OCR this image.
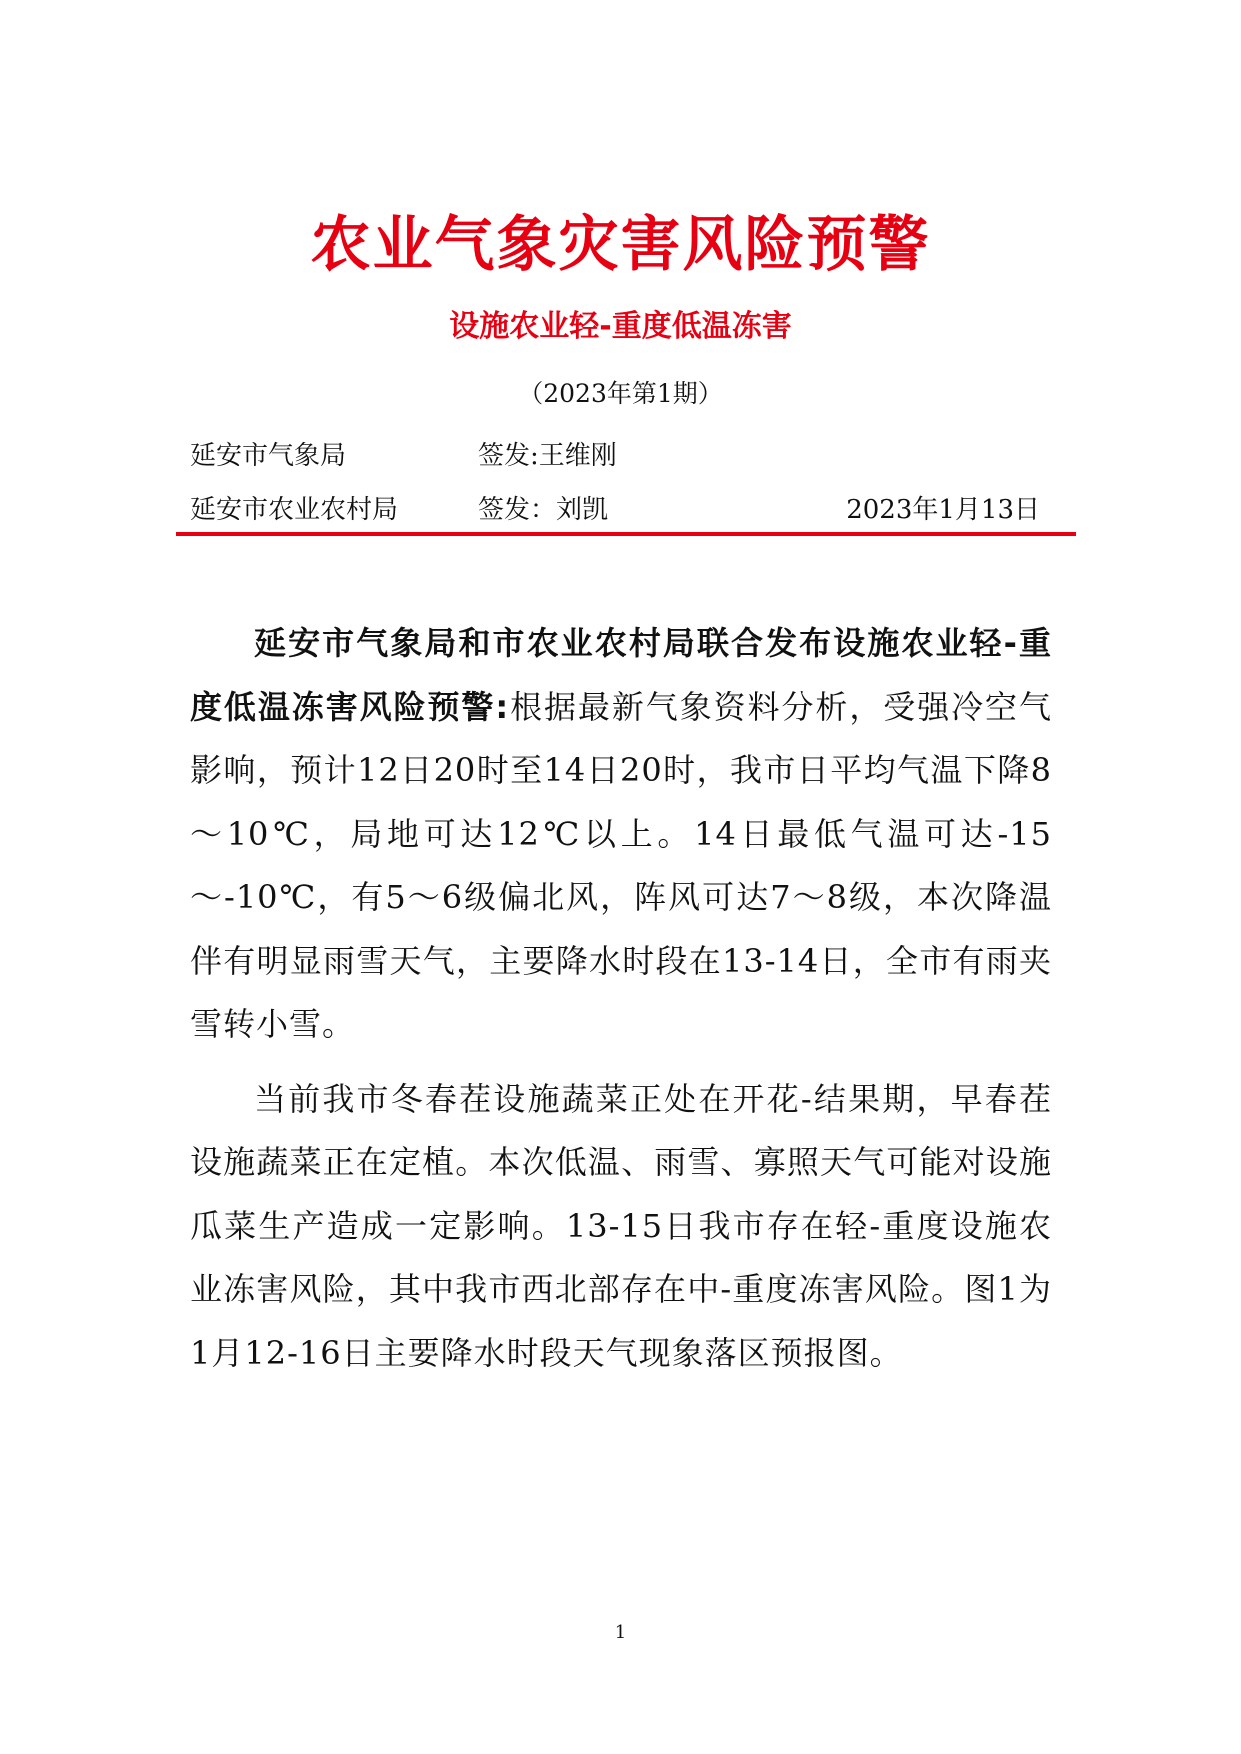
农业气象灾害风险预警
设施农业轻-重度低温冻害
（2023年第1期）
延安市气象局	签发:王维刚
延安市农业农村局	签发：刘凯	2023年1月13日

延安市气象局和市农业农村局联合发布设施农业轻-重度低温冻害风险预警:根据最新气象资料分析，受强冷空气影响，预计12日20时至14日20时，我市日平均气温下降8～10℃，局地可达12℃以上。14日最低气温可达-15～-10℃，有5～6级偏北风，阵风可达7～8级，本次降温伴有明显雨雪天气，主要降水时段在13-14日，全市有雨夹雪转小雪。

当前我市冬春茬设施蔬菜正处在开花-结果期，早春茬设施蔬菜正在定植。本次低温、雨雪、寡照天气可能对设施瓜菜生产造成一定影响。13-15日我市存在轻-重度设施农业冻害风险，其中我市西北部存在中-重度冻害风险。图1为1月12-16日主要降水时段天气现象落区预报图。

1
